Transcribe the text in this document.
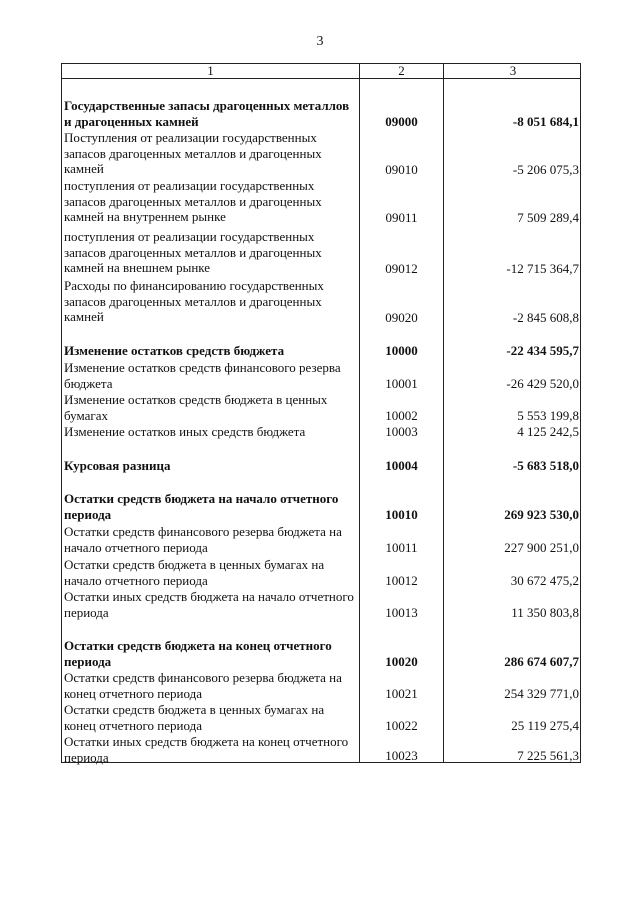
3
1	2	3
Государственные запасы драгоценных металлов и драгоценных камней	09000	-8 051 684,1
Поступления от реализации государственных запасов драгоценных металлов и драгоценных камней	09010	-5 206 075,3
поступления от реализации государственных запасов драгоценных металлов и драгоценных камней на внутреннем рынке	09011	7 509 289,4
поступления от реализации государственных запасов драгоценных металлов и драгоценных камней на внешнем рынке	09012	-12 715 364,7
Расходы по финансированию государственных запасов драгоценных металлов и драгоценных камней	09020	-2 845 608,8
Изменение остатков средств бюджета	10000	-22 434 595,7
Изменение остатков средств финансового резерва бюджета	10001	-26 429 520,0
Изменение остатков средств бюджета в ценных бумагах	10002	5 553 199,8
Изменение остатков иных средств бюджета	10003	4 125 242,5
Курсовая разница	10004	-5 683 518,0
Остатки средств бюджета на начало отчетного периода	10010	269 923 530,0
Остатки средств финансового резерва бюджета на начало отчетного периода	10011	227 900 251,0
Остатки средств бюджета в ценных бумагах на начало отчетного периода	10012	30 672 475,2
Остатки иных средств бюджета на начало отчетного периода	10013	11 350 803,8
Остатки средств бюджета на конец отчетного периода	10020	286 674 607,7
Остатки средств финансового резерва бюджета на конец отчетного периода	10021	254 329 771,0
Остатки средств бюджета в ценных бумагах на конец отчетного периода	10022	25 119 275,4
Остатки иных средств бюджета на конец отчетного периода	10023	7 225 561,3
